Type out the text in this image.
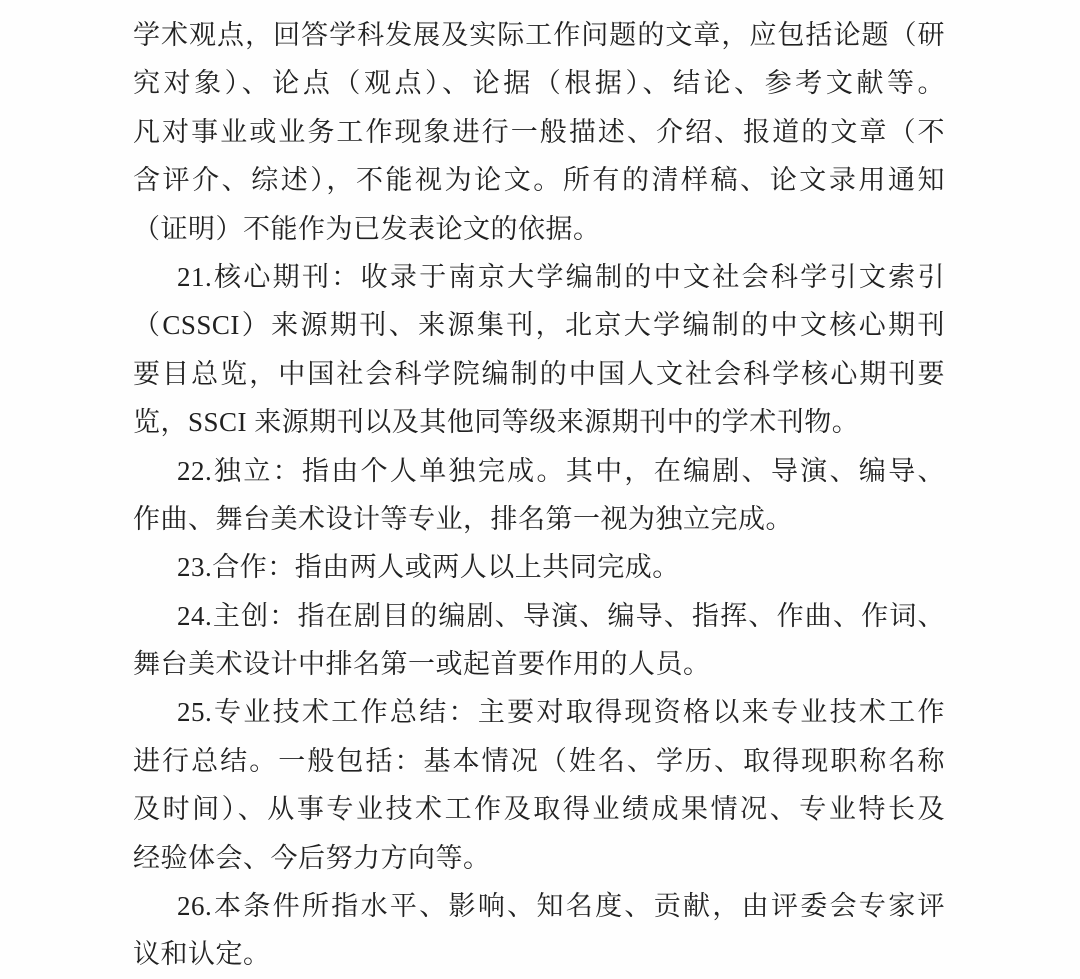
学术观点，回答学科发展及实际工作问题的文章，应包括论题（研
究对象）、论点（观点）、论据（根据）、结论、参考文献等。
凡对事业或业务工作现象进行一般描述、介绍、报道的文章（不
含评介、综述），不能视为论文。所有的清样稿、论文录用通知
（证明）不能作为已发表论文的依据。

21.核心期刊：收录于南京大学编制的中文社会科学引文索引
（CSSCI）来源期刊、来源集刊，北京大学编制的中文核心期刊
要目总览，中国社会科学院编制的中国人文社会科学核心期刊要
览，SSCI 来源期刊以及其他同等级来源期刊中的学术刊物。

22.独立：指由个人单独完成。其中，在编剧、导演、编导、
作曲、舞台美术设计等专业，排名第一视为独立完成。

23.合作：指由两人或两人以上共同完成。

24.主创：指在剧目的编剧、导演、编导、指挥、作曲、作词、
舞台美术设计中排名第一或起首要作用的人员。

25.专业技术工作总结：主要对取得现资格以来专业技术工作
进行总结。一般包括：基本情况（姓名、学历、取得现职称名称
及时间）、从事专业技术工作及取得业绩成果情况、专业特长及
经验体会、今后努力方向等。

26.本条件所指水平、影响、知名度、贡献，由评委会专家评
议和认定。
